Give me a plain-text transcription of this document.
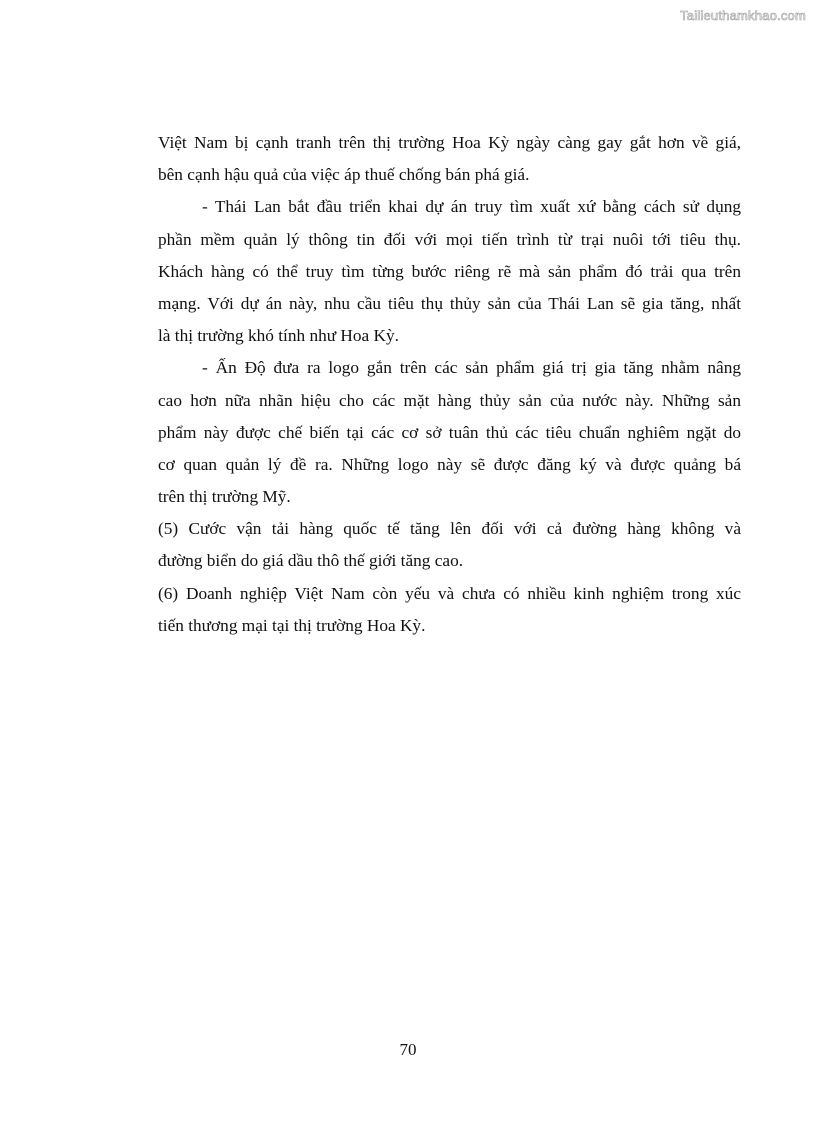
Tailieuthamkhao.com
Việt Nam bị cạnh tranh trên thị trường Hoa Kỳ ngày càng gay gắt hơn về giá,
bên cạnh hậu quả của việc áp thuế chống bán phá giá.
- Thái Lan bắt đầu triển khai dự án truy tìm xuất xứ bằng cách sử dụng
phần mềm quản lý thông tin đối với mọi tiến trình từ trại nuôi tới tiêu thụ.
Khách hàng có thể truy tìm từng bước riêng rẽ mà sản phẩm đó trải qua trên
mạng. Với dự án này, nhu cầu tiêu thụ thủy sản của Thái Lan sẽ gia tăng, nhất
là thị trường khó tính như Hoa Kỳ.
- Ấn Độ đưa ra logo gắn trên các sản phẩm giá trị gia tăng nhằm nâng
cao hơn nữa nhãn hiệu cho các mặt hàng thủy sản của nước này. Những sản
phẩm này được chế biến tại các cơ sở tuân thủ các tiêu chuẩn nghiêm ngặt do
cơ quan quản lý đề ra. Những logo này sẽ được đăng ký và được quảng bá
trên thị trường Mỹ.
(5) Cước vận tải hàng quốc tế tăng lên đối với cả đường hàng không và
đường biển do giá dầu thô thế giới tăng cao.
(6) Doanh nghiệp Việt Nam còn yếu và chưa có nhiều kinh nghiệm trong xúc
tiến thương mại tại thị trường Hoa Kỳ.
70
